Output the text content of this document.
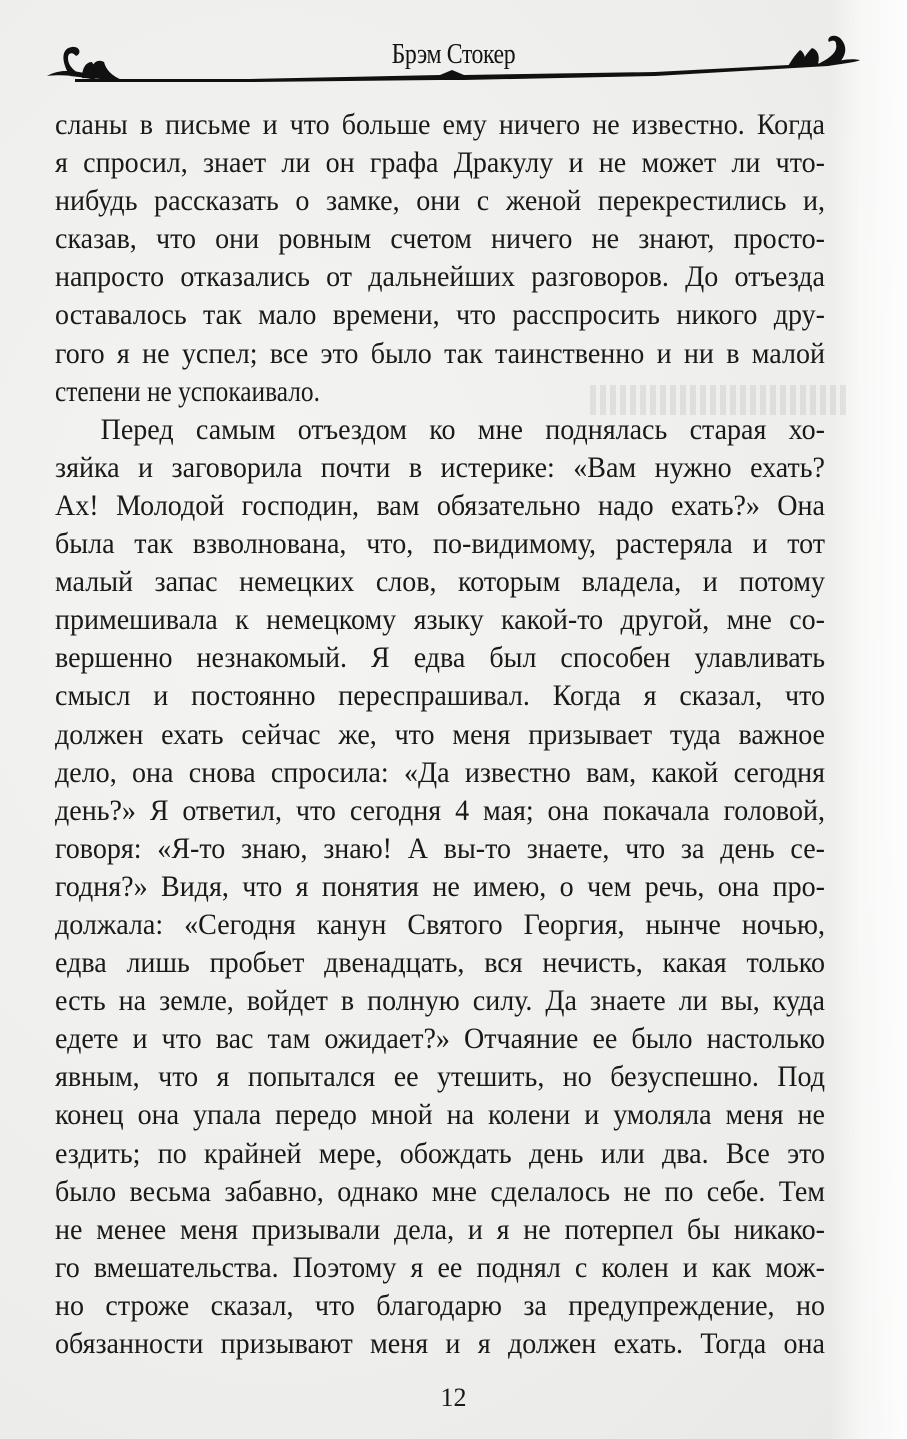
Брэм Стокер
сланы в письме и что больше ему ничего не известно. Когда
я спросил, знает ли он графа Дракулу и не может ли что-
нибудь рассказать о замке, они с женой перекрестились и,
сказав, что они ровным счетом ничего не знают, просто-
напросто отказались от дальнейших разговоров. До отъезда
оставалось так мало времени, что расспросить никого дру-
гого я не успел; все это было так таинственно и ни в малой
степени не успокаивало.
Перед самым отъездом ко мне поднялась старая хо-
зяйка и заговорила почти в истерике: «Вам нужно ехать?
Ах! Молодой господин, вам обязательно надо ехать?» Она
была так взволнована, что, по-видимому, растеряла и тот
малый запас немецких слов, которым владела, и потому
примешивала к немецкому языку какой-то другой, мне со-
вершенно незнакомый. Я едва был способен улавливать
смысл и постоянно переспрашивал. Когда я сказал, что
должен ехать сейчас же, что меня призывает туда важное
дело, она снова спросила: «Да известно вам, какой сегодня
день?» Я ответил, что сегодня 4 мая; она покачала головой,
говоря: «Я-то знаю, знаю! А вы-то знаете, что за день се-
годня?» Видя, что я понятия не имею, о чем речь, она про-
должала: «Сегодня канун Святого Георгия, нынче ночью,
едва лишь пробьет двенадцать, вся нечисть, какая только
есть на земле, войдет в полную силу. Да знаете ли вы, куда
едете и что вас там ожидает?» Отчаяние ее было настолько
явным, что я попытался ее утешить, но безуспешно. Под
конец она упала передо мной на колени и умоляла меня не
ездить; по крайней мере, обождать день или два. Все это
было весьма забавно, однако мне сделалось не по себе. Тем
не менее меня призывали дела, и я не потерпел бы никако-
го вмешательства. Поэтому я ее поднял с колен и как мож-
но строже сказал, что благодарю за предупреждение, но
обязанности призывают меня и я должен ехать. Тогда она
12
